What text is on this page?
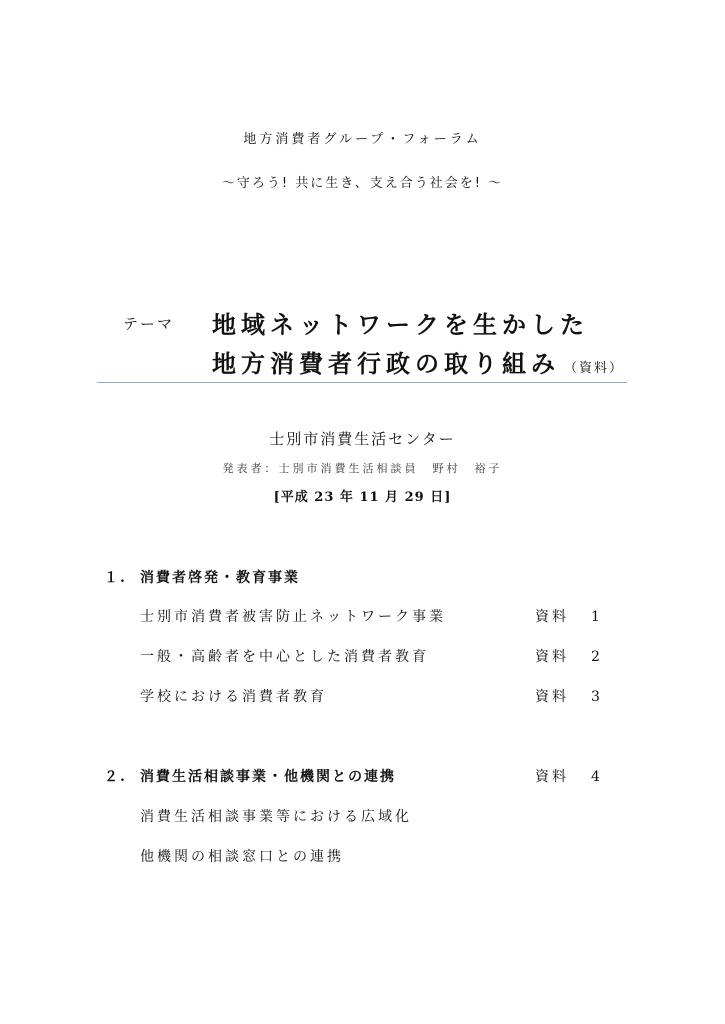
地方消費者グループ・フォーラム
～守ろう! 共に生き、支え合う社会を! ～
テーマ 地域ネットワークを生かした
地方消費者行政の取り組み （資料）
士別市消費生活センター
発表者：士別市消費生活相談員　野村　裕子
[平成 23 年 11 月 29 日]
１. 消費者啓発・教育事業
士別市消費者被害防止ネットワーク事業	資料 1
一般・高齢者を中心とした消費者教育	資料 2
学校における消費者教育	資料 3
２. 消費生活相談事業・他機関との連携	資料 4
消費生活相談事業等における広域化
他機関の相談窓口との連携
